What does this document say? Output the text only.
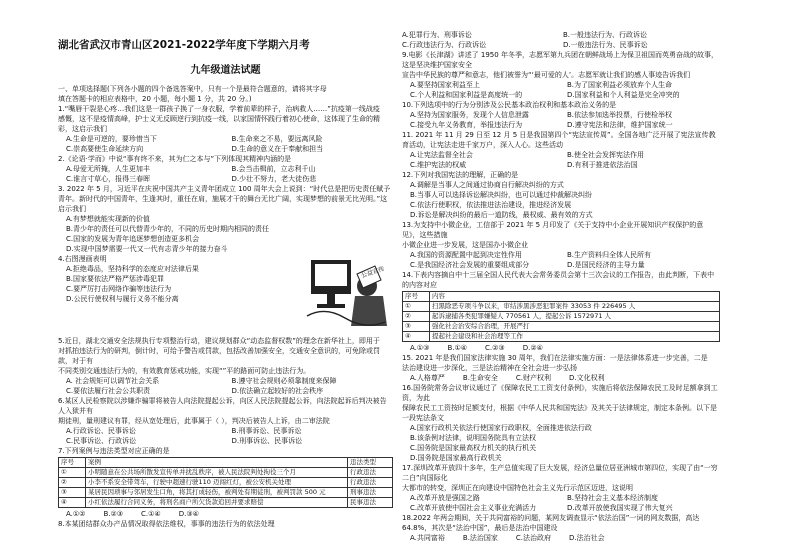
湖北省武汉市青山区2021-2022学年度下学期六月考
九年级道法试题

一、单项选择题(下列各小题的四个备选答案中，只有一个是最符合题意的，请将其字母

填在答题卡的相应表格中，20 小题，每小题 1 分，共 20 分。)

1.“嘴唇干裂是心疼…我们这是一群孩子换了一身衣服，学着前辈的样子，治病救人……”抗疫第一线战疫

感慨，这不是疫情高峰，护士义无反顾逆行到抗疫一线，以家国情怀践行着初心使命，这体现了生命的精彩，这启示我们

A.生命是可逆的，要珍惜当下	B.生命来之不易，要远离风险
C.崇高要使生命延续方向	D.生命的意义在于奉献和担当

2.《论语·学而》中说“事有终不来，其为仁之本与”下列体现其精神内涵的是

A.母爱无所掩，人生更加丰	B.会当击楫前，立志利千山
C.谁言寸草心，报得三春晖	D.少壮不努力，老大徒伤悲

3. 2022 年 5 月，习近平在庆祝中国共产主义青年团成立 100 周年大会上说到：“时代总是把历史责任赋予青年。新时代的中国青年，生逢其时，重任在肩，施展才干的舞台无比广阔，实现梦想的前景无比光明。”这启示我们

A.有梦想就能实现新的价值

B.青少年的责任可以代替青少年的，不同的历史时期内相同的责任

C.国家的发展为青年追逐梦想创造更多机会

D.实现中国梦需要一代又一代有志青少年的接力奋斗

公益宣传

4.右图漫画表明

A.拒绝毒品，坚持科学的态度应对法律后果

B.国家要依法严格严惩涉毒犯罪

C.要严厉打击网络诈骗等违法行为

D.公民行使权利与履行义务不能分离

5.近日，湖北交通安全法规执行专项整治行动，建议规划群众“动态监督权数”的理念在新华社上，即用于

对抓拍违法行为的研判，倒计时，可给予警告或罚款，包括改善加强安全，交通安全意识的，可免除或罚款，对于有

不同类别交通违法行为的，有效教育惩戒功能，实现“”平的路面可防止违法行为。

A. 社会规矩可以调节社会关系	B.遵守社会规则必须靠制度来保障
C.要依法履行社会公共职责	D.依法确立起较好的社会秩序

6.某区人民检察院以涉嫌诈骗罪将被告人向法院提起公诉，向区人民法院提起公诉，向法院起诉后判决被告人入狱并有

期徒刑，量刑建议有罪，经从宽处理后，此事属于（ ），判决后被告人上诉，由二审法院

A.行政诉讼、民事诉讼	B.刑事诉讼、民事诉讼
C.民事诉讼、行政诉讼	D.刑事诉讼、民事诉讼

7.下列案例与违法类型对应正确的是

序号	案例	违法类型
①	小明随意在公共场所散发宣传单并扰乱秩序，被人民法院判处拘役三个月	行政违法
②	小李不系安全带驾车，行驶中超速行驶110 迈闯红灯，被公安机关处理	行政违法
③	某居民因琐事与邻居发生口角，将其打成轻伤，被判处有期徒刑，被判罚款 500 元	刑事违法
④	小红依法履行合同义务，将刑名商户所欠货款追回并要求赔偿	民事违法
A.①②	B.②③	C.①④	D.③④

8.本某团结群众办产品情况取得依法维权，事事的违法行为的依法处理

A.犯罪行为、刑事诉讼	B.一般违法行为、行政诉讼
C.行政违法行为、行政诉讼	D.一般违法行为、民事诉讼

9.电影《长津湖》讲述了 1950 年冬季，志愿军第九兵团在朝鲜战场上为保卫祖国而英勇奋战的故事，这是坚决维护国家安全

宣告中华民族的尊严和意志，他们被誉为“‘最可爱的人’。志愿军就让我们的感人事迹告诉我们

A.要坚持国家利益至上	B.为了国家利益必须放弃个人生命
C.个人利益和国家利益是高度统一的	D.国家利益和个人利益是完全冲突的

10.下列选项中的行为分别涉及公民基本政治权利和基本政治义务的是

A.坚持为国家服务，发现个人信息泄露	B.依法参加选举投票，行使检举权
C.接受九年义务教育，举报违法行为	D.遵守宪法和法律，维护国家统一

11. 2021 年 11 月 29 日至 12 月 5 日是我国第四个“宪法宣传周”。全国各地广泛开展了宪法宣传教育活动，让宪法走进千家万户，深入人心。这些活动

A.让宪法监督全社会	B.使全社会发挥宪法作用
C.维护宪法的权威	D.有利于推进依法治国

12.下列对我国宪法的理解，正确的是

A.调解是当事人之间通过协商自行解决纠纷的方式

B.当事人可以选择诉讼解决纠纷，也可以通过仲裁解决纠纷

C.依法行使职权，依法推进法治建设，推进经济发展

D.诉讼是解决纠纷的最后一道防线，最权威、最有效的方式

13.为支持中小微企业，工信部于 2021 年 5 月印发了《关于支持中小企业开展知识产权保护的意见》，这些措施

小微企业进一步发展，这是国办小微企业

A.我国的资源配置中起到决定性作用	B.生产资料归全体人民所有
C.是我国经济社会发展的重要组成部分	D.是国民经济的主导力量

14.下表内容摘自中十三届全国人民代表大会常务委员会第十三次会议的工作报告，由此判断，下表中的内容对应

序号	内容
①	扫黑除恶专项斗争以来，审结涉黑涉恶犯罪案件 33053 件 226495 人
②	起诉逮捕各类犯罪嫌疑人 770561 人，提起公诉 1572971 人
③	强化社会治安综合治理，开展严打
④	提起社会建设和社会治理等工作
A.①③	B.①④	C.②③	D.②④

15. 2021 年是我们国家法律实施 30 周年，我们在法律实施方面：一是法律体系进一步完善，二是

法治建设进一步深化，三是法治精神在全社会进一步弘扬

A.人格尊严	B.生命安全	C.财产权利	D.文化权利

16.国务院常务会议审议通过了《保障农民工工资支付条例》，实施后将依法保障农民工及时足额拿到工资，为此

保障农民工工资按时足额支付，根据《中华人民共和国宪法》及其关于法律规定，制定本条例。以下是

一段宪法条文

A.国家行政机关依法行使国家行政职权，全面推进依法行政

B.该条例对法律，说明国务院具有立法权

C.国务院是国家最高权力机关的执行机关

D.国务院是国家最高行政机关

17.深圳改革开放四十多年，生产总值实现了巨大发展，经济总量位居亚洲城市第四位，实现了由“一穷二白”向国际化

大都市的转变，深圳正在向建设中国特色社会主义先行示范区迈进，这说明

A.改革开放是强国之路	B.坚持社会主义基本经济制度
C.改革开放使中国社会主义事业充满活力	D.改革开放使我国实现了伟大复兴

18.2022 年两会期间，关于共同富裕的问题，某网友调查显示“依法治国”一词的网友数据，高达 64.8%，其次是“法治中国”，最后是法治中国建设

A.共同富裕	B.法治国家	C.法治政府	D.法治社会
